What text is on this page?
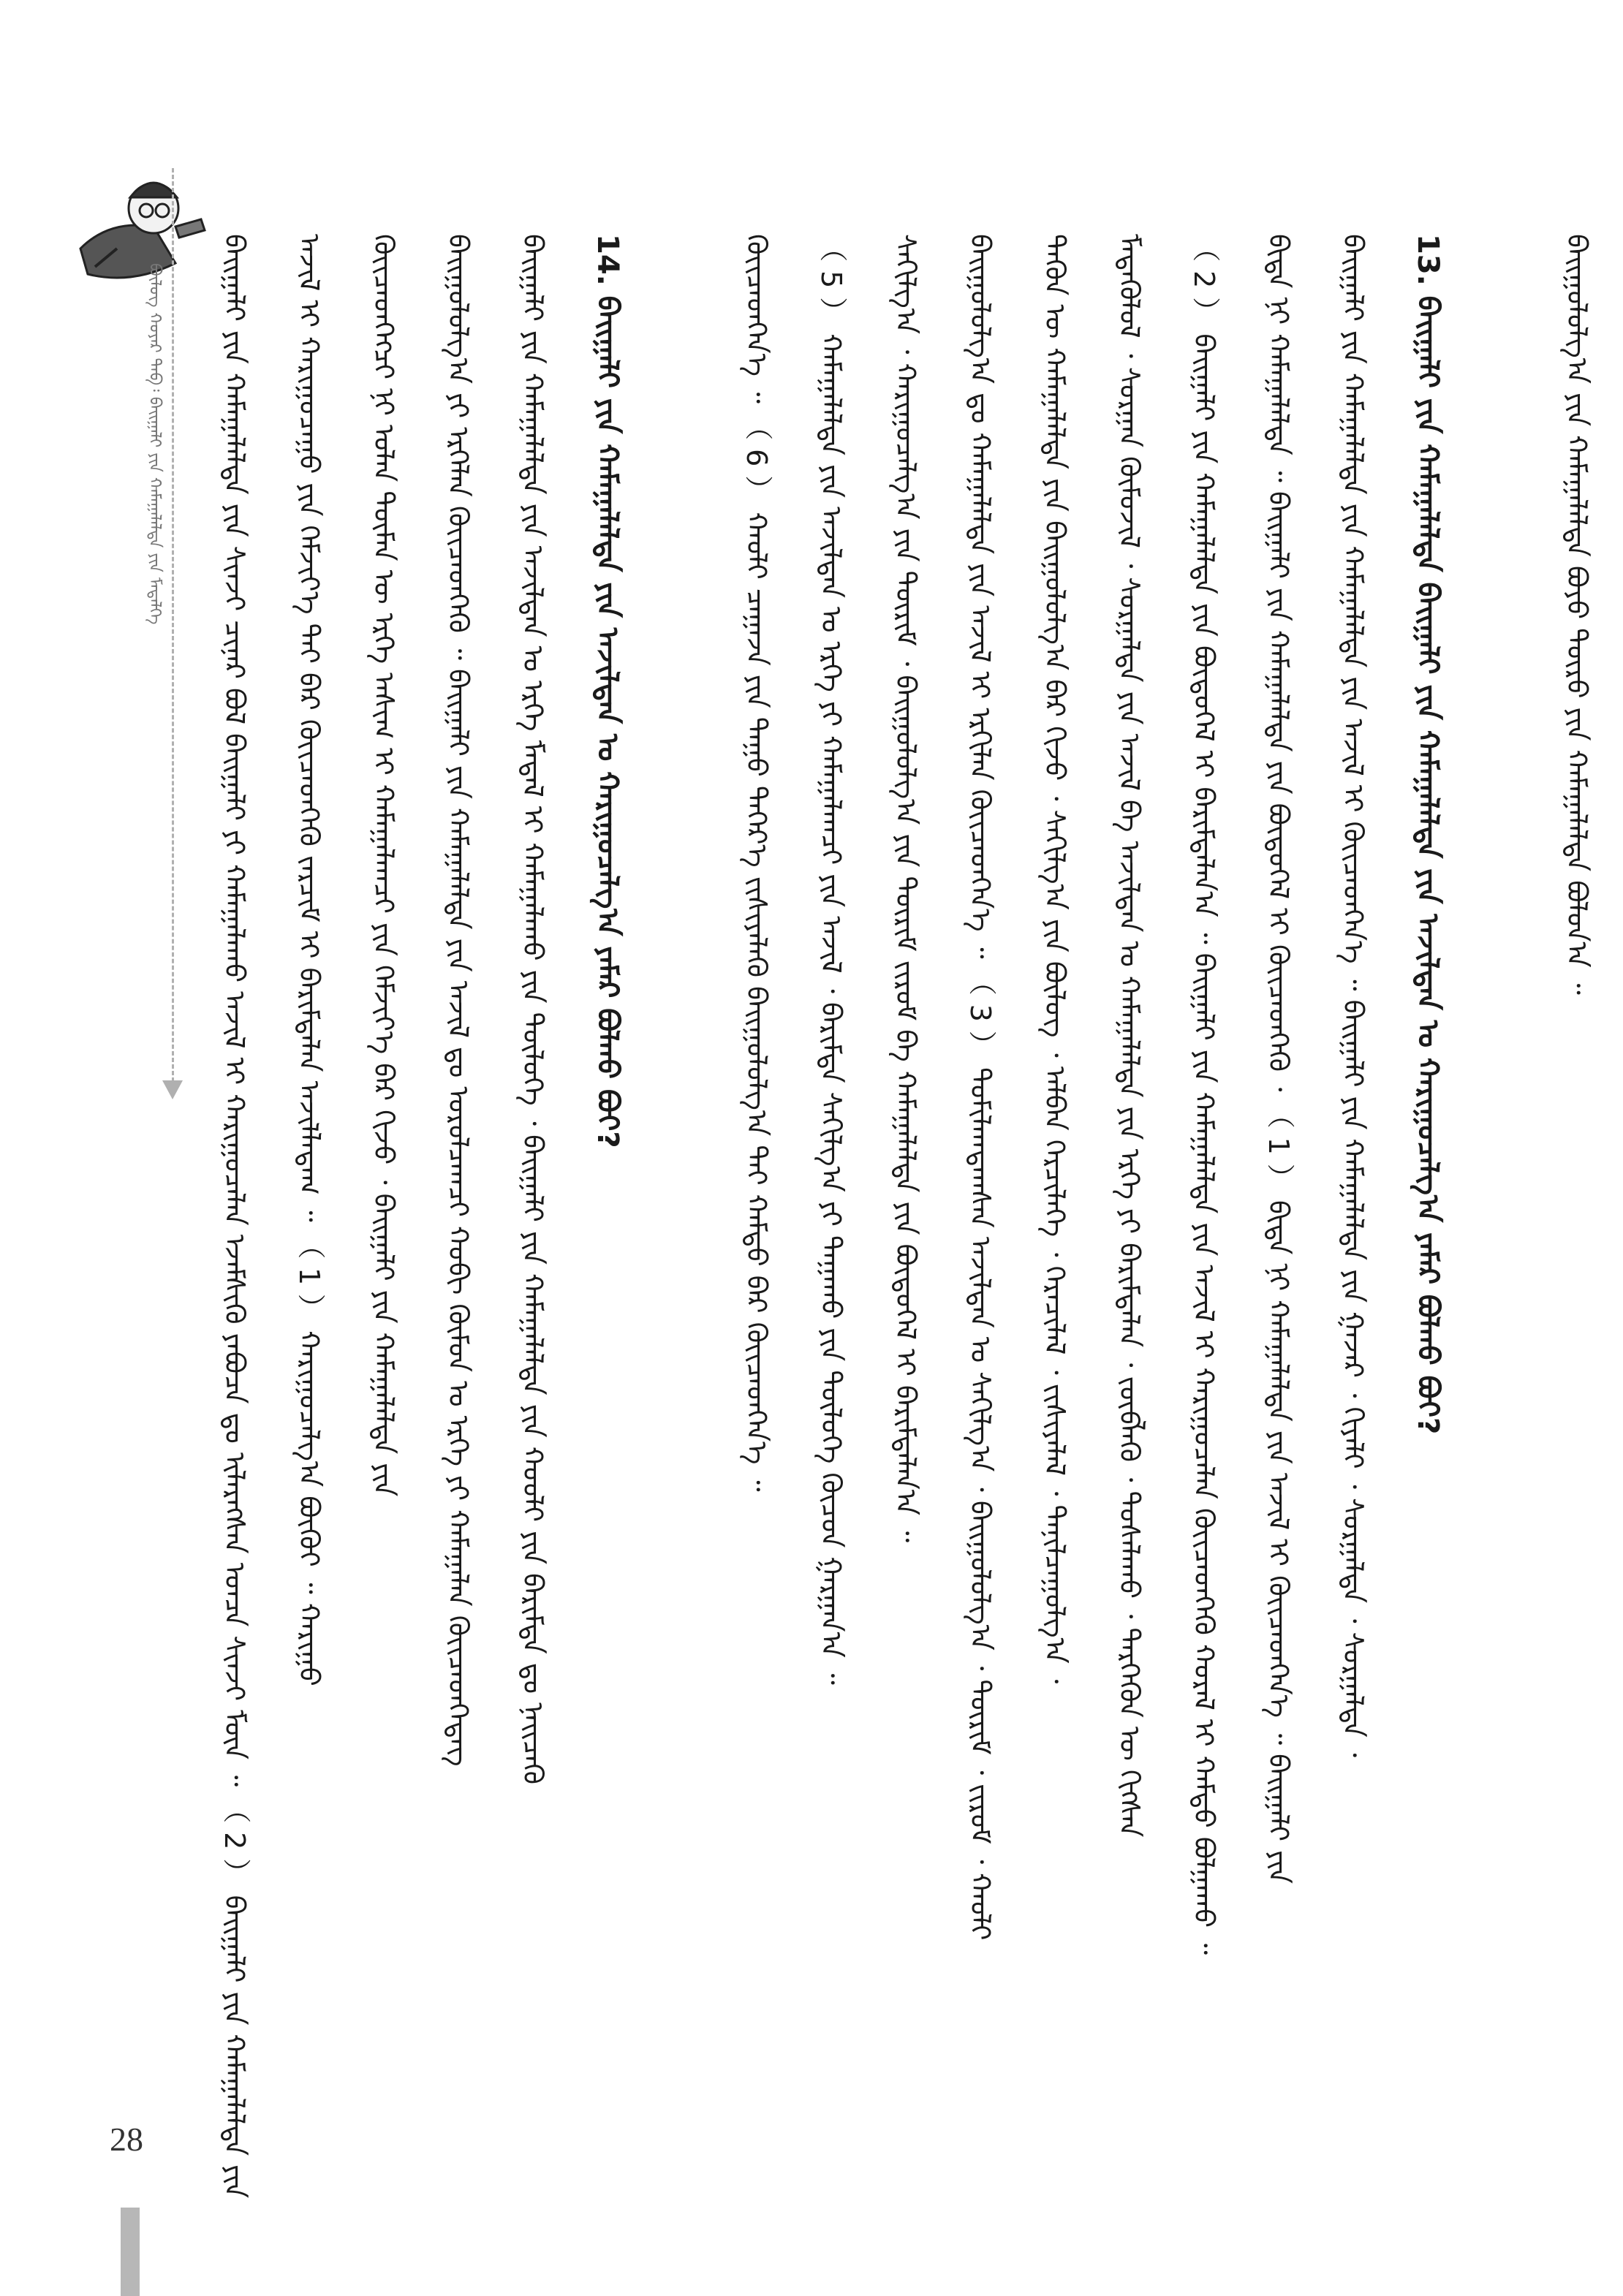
ᠪᠦᠯᠦᠭ ᠬᠣᠶᠠᠷ ᠲᠠᠪ᠄ ᠪᠠᠢᠭᠠᠯᠢ ᠶᠢᠨ ᠬᠠᠮᠠᠭᠠᠯᠠᠯᠲᠠ ᠶᠢᠨ ᠮᠡᠳᠡᠯᠭᠡ ᠪᠠᠢᠭᠠᠯᠢ ᠶᠢᠨ ᠬᠠᠮᠠᠭᠠᠯᠠᠯᠲᠠ ᠶᠢᠨ ᠰᠢᠨᠵᠢ ᠴᠢᠨᠠᠷ ᠪᠣᠯ ᠪᠠᠢᠭᠠᠯᠢ ᠶᠢ ᠬᠠᠮᠠᠭᠠᠯᠠᠬᠤ ᠠᠵᠢᠯ ᠢ ᠬᠠᠷᠢᠭᠤᠴᠠᠯᠠᠨ ᠡᠵᠡᠮᠰᠢᠬᠦ ᠶᠠᠪᠤᠴᠠ ᠳᠤ ᠢᠯᠡᠷᠡᠭᠰᠡᠨ ᠣᠨᠴᠠ ᠰᠢᠨᠵᠢ ᠮᠥᠨ ᠃ （ 2 ） ᠪᠠᠢᠭᠠᠯᠢ ᠶᠢᠨ ᠬᠠᠮᠠᠭᠠᠯᠠᠯᠲᠠ ᠶᠢᠨ ᠠᠵᠢᠯ ᠢ ᠬᠠᠷᠢᠭᠤᠴᠠᠭᠤ ᠶᠢᠨ ᠬᠡᠮᠵᠢᠶ᠎ᠡ ᠲᠠᠢ ᠪᠡᠷ ᠭᠦᠢᠴᠡᠳᠬᠡᠬᠦ ᠵᠠᠷᠴᠢᠮ ᠢ ᠪᠠᠷᠢᠮᠲᠠᠯᠠᠨ ᠠᠵᠢᠯᠯᠠᠳᠠᠭ ᠃ （ 1 ） ᠬᠠᠷᠢᠭᠤᠴᠠᠯᠭ᠎ᠠ ᠪᠦᠬᠦᠢ ᠃ ᠬᠠᠷᠢᠭᠤ ᠭᠦᠢᠴᠡᠳᠬᠡᠭᠴᠢ ᠨᠢ ᠣᠯᠠᠨ ᠲᠦᠮᠡᠨ ᠦ ᠡᠷᠬᠡ ᠠᠰᠢᠭ ᠢ ᠬᠠᠮᠠᠭᠠᠯᠠᠭᠴᠢ ᠶᠢᠨ ᠬᠡᠮᠵᠢᠶ᠎ᠡ ᠪᠡᠷ ᠬᠢᠵᠦ ᠂ ᠪᠠᠢᠭᠠᠯᠢ ᠶᠢᠨ ᠬᠠᠮᠠᠭᠠᠯᠠᠯᠲᠠ ᠶᠢᠨ ᠪᠠᠢᠭᠤᠯᠤᠯᠭ᠎ᠠ ᠶᠢ ᠡᠷᠬᠡᠯᠡᠨ ᠭᠦᠢᠴᠡᠳᠬᠡᠬᠦ ᠃ ᠪᠠᠢᠭᠠᠯᠢ ᠶᠢᠨ ᠬᠠᠮᠠᠭᠠᠯᠠᠯᠲᠠ ᠶᠢᠨ ᠠᠵᠢᠯ ᠳᠤ ᠣᠷᠣᠯᠴᠠᠭᠴᠢ ᠬᠤᠪᠢ ᠬᠥᠮᠦᠨ ᠤ ᠡᠷᠬᠡ ᠶᠢ ᠬᠠᠮᠠᠭᠠᠯᠠᠨ ᠭᠦᠢᠴᠡᠳᠬᠡᠳᠡᠭ ᠪᠠᠢᠭᠠᠯᠢ ᠶᠢᠨ ᠬᠠᠮᠠᠭᠠᠯᠠᠯᠲᠠ ᠶᠢᠨ ᠠᠵᠢᠯᠲᠠᠨ ᠤ ᠡᠷᠬᠡ ᠮᠡᠳᠡᠯ ᠢ ᠬᠠᠮᠠᠭᠠᠯᠠᠬᠤ ᠶᠢᠨ ᠲᠥᠯᠦᠭᠡ ᠂ ᠪᠠᠢᠭᠠᠯᠢ ᠶᠢᠨ ᠬᠠᠮᠠᠭᠠᠯᠠᠯᠲᠠ ᠶᠢᠨ ᠬᠤᠤᠯᠢ ᠶᠢᠨ ᠪᠠᠷᠢᠮᠲᠠ ᠳᠤ ᠨᠡᠢᠴᠡᠬᠦ 14. ᠪᠠᠢᠭᠠᠯᠢ ᠶᠢᠨ ᠬᠠᠮᠠᠭᠠᠯᠠᠯᠲᠠ ᠶᠢᠨ ᠠᠵᠢᠯᠲᠠᠨ ᠤ ᠬᠠᠷᠢᠭᠤᠴᠠᠯᠭ᠎ᠠ ᠶᠠᠮᠠᠷ ᠪᠣᠯᠬᠤ ᠪᠤᠢ?	ᠭᠦᠢᠴᠡᠳᠬᠡᠨ᠎ᠡ ᠃ （ 6 ） ᠬᠠᠤᠯᠢ ᠴᠠᠭᠠᠵᠠ ᠶᠢᠨ ᠳᠠᠭᠤ ᠳᠡᠭᠡᠷ᠎ᠡ ᠵᠢᠱᠢᠶᠡᠯᠡᠬᠦ ᠪᠠᠢᠭᠤᠯᠤᠯᠭ᠎ᠠ ᠲᠠᠢ ᠬᠠᠮᠲᠤ ᠪᠡᠷ ᠭᠦᠢᠴᠡᠳᠬᠡᠨ᠎ᠡ ᠃ （ 5 ） ᠬᠠᠮᠠᠭᠠᠯᠠᠯᠲᠠ ᠶᠢᠨ ᠠᠵᠢᠯᠲᠠᠨ ᠤ ᠡᠷᠬᠡ ᠶᠢ ᠬᠠᠮᠠᠭᠠᠯᠠᠭᠴᠢ ᠶᠢᠨ ᠠᠵᠢᠯ ᠂ ᠪᠠᠷᠢᠮᠲᠠ ᠰᠠᠬᠢᠯᠭ᠎ᠠ ᠶᠢ ᠳᠠᠭᠠᠬᠤ ᠶᠢᠨ ᠲᠥᠯᠦᠭᠡ ᠬᠦᠴᠦᠨ ᠭᠠᠷᠭᠠᠨ᠎ᠠ ᠃ ᠰᠠᠬᠢᠯᠭ᠎ᠠ ᠂ ᠬᠠᠷᠢᠭᠤᠴᠠᠯᠭ᠎ᠠ ᠶᠢᠨ ᠳᠦᠷᠢᠮ ᠂ ᠪᠠᠢᠭᠤᠯᠤᠯᠭ᠎ᠠ ᠶᠢᠨ ᠳᠦᠷᠢᠮ ᠵᠢᠷᠤᠮ ᠪᠠ ᠬᠠᠮᠠᠭᠠᠯᠠᠯᠲᠠ ᠶᠢᠨ ᠪᠦᠲᠦᠭᠡᠯ ᠢ ᠪᠠᠷᠢᠮᠲᠠᠯᠠᠨ᠎ᠠ ᠃ ᠪᠠᠢᠭᠤᠯᠤᠯᠭ᠎ᠠ ᠳᠤ ᠬᠠᠮᠠᠭᠠᠯᠠᠯᠲᠠ ᠶᠢᠨ ᠠᠵᠢᠯ ᠢ ᠡᠷᠬᠢᠯᠡᠨ ᠭᠦᠢᠴᠡᠳᠬᠡᠨ᠎ᠡ ᠃ （ 3 ） ᠲᠣᠮᠢᠯᠠᠭᠳᠠᠭᠰᠠᠨ ᠠᠵᠢᠯᠲᠠᠨ ᠤ ᠰᠠᠬᠢᠯᠭ᠎ᠠ ᠂ ᠪᠠᠢᠭᠤᠯᠤᠯᠭ᠎ᠠ ᠂ ᠳᠦᠷᠢᠮ ᠂ ᠵᠢᠷᠤᠮ ᠂ ᠬᠠᠤᠯᠢ ᠲᠡᠭᠦᠨ ᠦ ᠬᠠᠮᠠᠭᠠᠯᠠᠯᠲᠠ ᠶᠢᠨ ᠪᠠᠢᠭᠤᠯᠤᠯᠭ᠎ᠠ ᠪᠡᠷ ᠬᠢᠵᠦ ᠂ ᠰᠠᠬᠢᠯᠭ᠎ᠠ ᠶᠢᠨ ᠪᠦᠯᠦᠭ ᠂ ᠠᠯᠪᠠᠨ ᠭᠡᠷᠴᠢᠯᠡᠭᠡ ᠂ ᠭᠡᠷᠡᠴᠢᠯᠡᠯ ᠂ ᠵᠢᠱᠢᠶᠡᠯᠡᠯ ᠂ ᠲᠠᠨᠢᠯᠴᠠᠭᠤᠯᠭ᠎ᠠ ᠂ ᠮᠡᠳᠡᠭᠦᠯᠦᠯ ᠂ ᠰᠤᠷᠭᠠᠨ ᠬᠦᠮᠦᠵᠢᠯ ᠂ ᠰᠤᠷᠭᠠᠯᠲᠠ ᠶᠢᠨ ᠠᠵᠢᠯ ᠪᠠ ᠠᠵᠢᠯᠲᠠᠨ ᠤ ᠬᠠᠮᠠᠭᠠᠯᠠᠯᠲᠠ ᠶᠢᠨ ᠡᠷᠬᠡ ᠶᠢ ᠪᠠᠷᠢᠮᠲᠠᠯᠠᠨ ᠂ ᠵᠥᠪᠯᠡᠬᠦ ᠂ ᠲᠤᠰᠠᠯᠠᠬᠤ ᠂ ᠲᠡᠷᠭᠡᠭᠦᠨ ᠦ ᠬᠢᠭᠰᠡᠨ （ 2 ） ᠪᠠᠢᠭᠠᠯᠢ ᠶᠢᠨ ᠬᠠᠮᠠᠭᠠᠯᠠᠯᠲᠠ ᠶᠢᠨ ᠪᠦᠲᠦᠭᠡᠯ ᠢ ᠪᠠᠷᠢᠮᠲᠠᠯᠠᠨ᠎ᠠ ᠃ ᠪᠠᠢᠭᠠᠯᠢ ᠶᠢᠨ ᠬᠠᠮᠠᠭᠠᠯᠠᠯᠲᠠ ᠶᠢᠨ ᠠᠵᠢᠯ ᠢ ᠬᠠᠷᠢᠭᠤᠴᠠᠯᠠᠨ ᠭᠦᠢᠴᠡᠳᠬᠡᠬᠦ ᠬᠤᠷᠠᠯ ᠢ ᠬᠠᠮᠲᠤ ᠪᠣᠯᠭᠠᠬᠤ ᠃ ᠪᠢᠳᠡ ᠨᠢ ᠬᠠᠮᠠᠭᠠᠯᠠᠯᠲᠠ ᠃ ᠪᠠᠢᠭᠠᠯᠢ ᠶᠢᠨ ᠬᠠᠮᠠᠭᠠᠯᠠᠯᠲᠠ ᠶᠢᠨ ᠪᠦᠲᠦᠭᠡᠯ ᠢ ᠭᠦᠢᠴᠡᠳᠬᠡᠬᠦ ᠂ （ 1 ） ᠪᠢᠳᠡ ᠨᠢ ᠬᠠᠮᠠᠭᠠᠯᠠᠯᠲᠠ ᠶᠢᠨ ᠠᠵᠢᠯ ᠢ ᠭᠦᠢᠴᠡᠳᠬᠡᠨ᠎ᠡ ᠃ ᠪᠠᠢᠭᠠᠯᠢ ᠶᠢᠨ ᠪᠠᠢᠭᠠᠯᠢ ᠶᠢᠨ ᠬᠠᠮᠠᠭᠠᠯᠠᠯᠲᠠ ᠶᠢᠨ ᠬᠠᠮᠠᠭᠠᠯᠠᠯᠲᠠ ᠶᠢᠨ ᠠᠵᠢᠯ ᠢ ᠭᠦᠢᠴᠡᠳᠬᠡᠨ᠎ᠡ ᠃ ᠪᠠᠢᠭᠠᠯᠢ ᠶᠢᠨ ᠬᠠᠮᠠᠭᠠᠯᠠᠯᠲᠠ ᠶᠢᠨ ᠭᠠᠵᠠᠷ ᠂ ᠬᠢᠶᠠᠯᠢ ᠂ ᠰᠤᠷᠭᠠᠯᠲᠠ ᠂ ᠰᠤᠷᠭᠠᠯᠲᠠ ᠂ 13. ᠪᠠᠢᠭᠠᠯᠢ ᠶᠢᠨ ᠬᠠᠮᠠᠭᠠᠯᠠᠯᠲᠠ ᠪᠠᠢᠭᠠᠯᠢ ᠶᠢᠨ ᠬᠠᠮᠠᠭᠠᠯᠠᠯᠲᠠ ᠶᠢᠨ ᠠᠵᠢᠯᠲᠠᠨ ᠤ ᠬᠠᠷᠢᠭᠤᠴᠠᠯᠭ᠎ᠠ ᠶᠠᠮᠠᠷ ᠪᠣᠯᠬᠤ ᠪᠤᠢ?	ᠪᠠᠢᠭᠤᠯᠤᠯᠭ᠎ᠠ ᠶᠢᠨ ᠬᠠᠮᠠᠭᠠᠯᠠᠯᠲᠠ ᠪᠤᠶᠤ ᠲᠦᠷᠦ ᠶᠢᠨ ᠬᠠᠮᠠᠭᠠᠯᠠᠯᠲᠠ ᠪᠣᠯᠤᠨ᠎ᠠ ᠃
28
